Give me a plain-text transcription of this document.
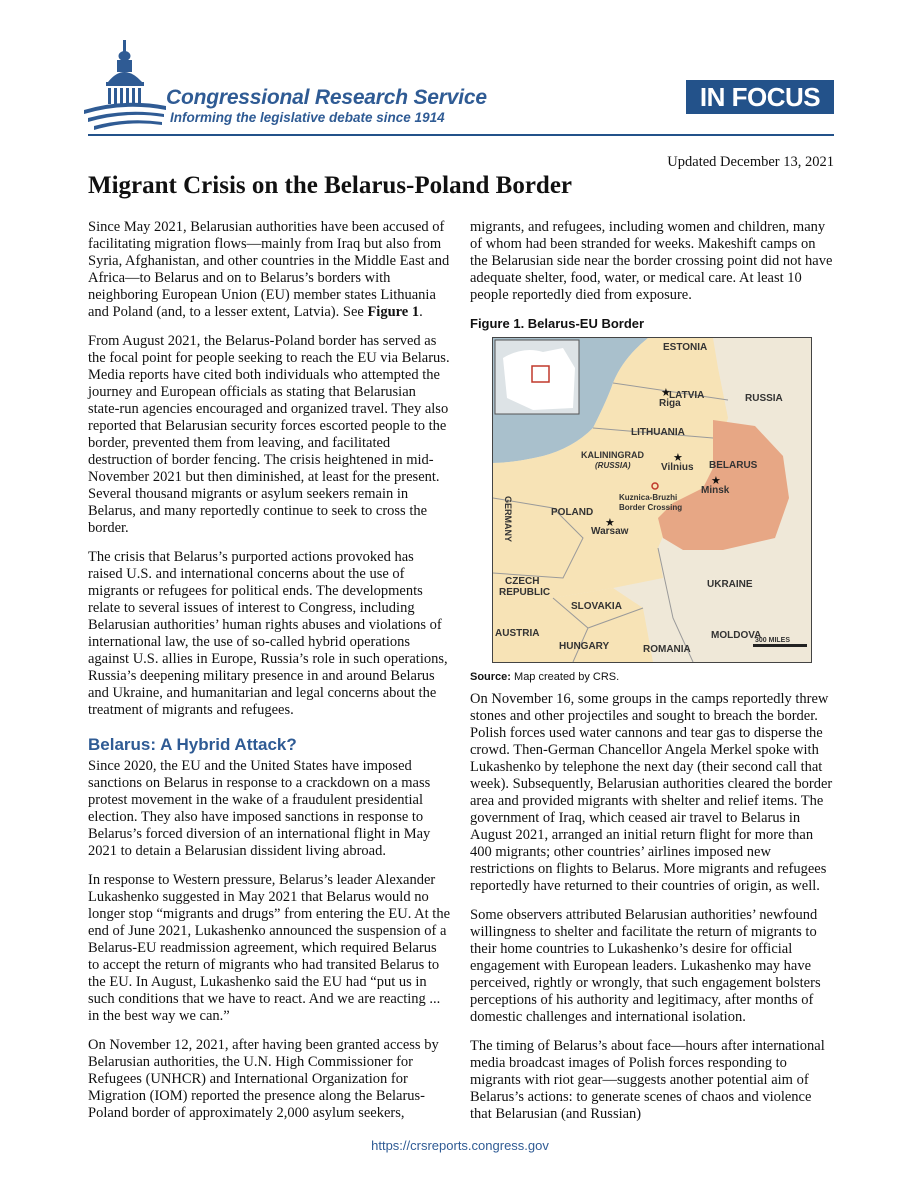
Congressional Research Service
Informing the legislative debate since 1914
IN FOCUS
Updated December 13, 2021
Migrant Crisis on the Belarus-Poland Border

Since May 2021, Belarusian authorities have been accused of facilitating migration flows—mainly from Iraq but also from Syria, Afghanistan, and other countries in the Middle East and Africa—to Belarus and on to Belarus’s borders with neighboring European Union (EU) member states Lithuania and Poland (and, to a lesser extent, Latvia). See Figure 1.

From August 2021, the Belarus-Poland border has served as the focal point for people seeking to reach the EU via Belarus. Media reports have cited both individuals who attempted the journey and European officials as stating that Belarusian state-run agencies encouraged and organized travel. They also reported that Belarusian security forces escorted people to the border, prevented them from leaving, and facilitated destruction of border fencing. The crisis heightened in mid-November 2021 but then diminished, at least for the present. Several thousand migrants or asylum seekers remain in Belarus, and many reportedly continue to seek to cross the border.

The crisis that Belarus’s purported actions provoked has raised U.S. and international concerns about the use of migrants or refugees for political ends. The developments relate to several issues of interest to Congress, including Belarusian authorities’ human rights abuses and violations of international law, the use of so-called hybrid operations against U.S. allies in Europe, Russia’s role in such operations, Russia’s deepening military presence in and around Belarus and Ukraine, and humanitarian and legal concerns about the treatment of migrants and refugees.

Belarus: A Hybrid Attack?

Since 2020, the EU and the United States have imposed sanctions on Belarus in response to a crackdown on a mass protest movement in the wake of a fraudulent presidential election. They also have imposed sanctions in response to Belarus’s forced diversion of an international flight in May 2021 to detain a Belarusian dissident living abroad.

In response to Western pressure, Belarus’s leader Alexander Lukashenko suggested in May 2021 that Belarus would no longer stop “migrants and drugs” from entering the EU. At the end of June 2021, Lukashenko announced the suspension of a Belarus-EU readmission agreement, which required Belarus to accept the return of migrants who had transited Belarus to the EU. In August, Lukashenko said the EU had “put us in such conditions that we have to react. And we are reacting ... in the best way we can.”

On November 12, 2021, after having been granted access by Belarusian authorities, the U.N. High Commissioner for Refugees (UNHCR) and International Organization for Migration (IOM) reported the presence along the Belarus-Poland border of approximately 2,000 asylum seekers,

migrants, and refugees, including women and children, many of whom had been stranded for weeks. Makeshift camps on the Belarusian side near the border crossing point did not have adequate shelter, food, water, or medical care. At least 10 people reportedly died from exposure.

Figure 1. Belarus-EU Border
ESTONIA
LATVIA
Riga	RUSSIA
LITHUANIA
KALININGRAD
(RUSSIA)	Vilnius BELARUS
Minsk
Kuznica-Bruzhi
Border Crossing
POLAND
Warsaw
GERMANY
UKRAINE
CZECH
REPUBLIC
SLOVAKIA
AUSTRIA
HUNGARY	ROMANIA
MOLDOVA
★
★
★
★
300 MILES
Source: Map created by CRS.

On November 16, some groups in the camps reportedly threw stones and other projectiles and sought to breach the border. Polish forces used water cannons and tear gas to disperse the crowd. Then-German Chancellor Angela Merkel spoke with Lukashenko by telephone the next day (their second call that week). Subsequently, Belarusian authorities cleared the border area and provided migrants with shelter and relief items. The government of Iraq, which ceased air travel to Belarus in August 2021, arranged an initial return flight for more than 400 migrants; other countries’ airlines imposed new restrictions on flights to Belarus. More migrants and refugees reportedly have returned to their countries of origin, as well.

Some observers attributed Belarusian authorities’ newfound willingness to shelter and facilitate the return of migrants to their home countries to Lukashenko’s desire for official engagement with European leaders. Lukashenko may have perceived, rightly or wrongly, that such engagement bolsters perceptions of his authority and legitimacy, after months of domestic challenges and international isolation.

The timing of Belarus’s about face—hours after international media broadcast images of Polish forces responding to migrants with riot gear—suggests another potential aim of Belarus’s actions: to generate scenes of chaos and violence that Belarusian (and Russian)

https://crsreports.congress.gov
